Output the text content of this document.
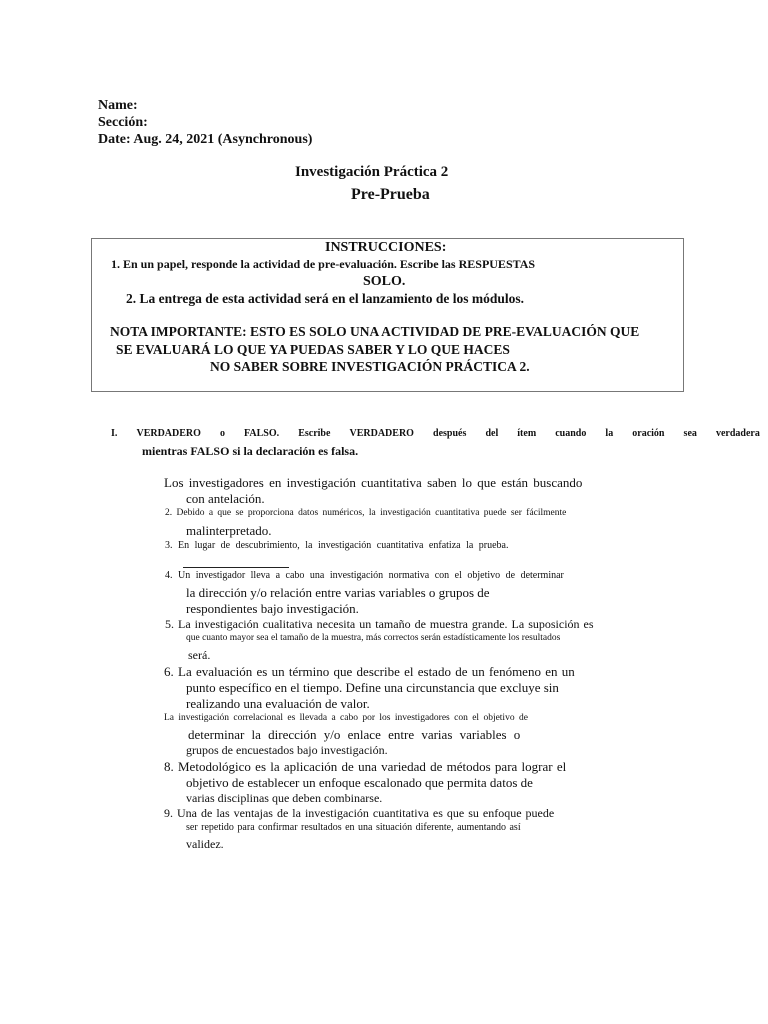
Name:
Sección:
Date: Aug. 24, 2021 (Asynchronous)
Investigación Práctica 2
Pre-Prueba
INSTRUCCIONES:
1. En un papel, responde la actividad de pre-evaluación. Escribe las RESPUESTAS
SOLO.
2. La entrega de esta actividad será en el lanzamiento de los módulos.
NOTA IMPORTANTE: ESTO ES SOLO UNA ACTIVIDAD DE PRE-EVALUACIÓN QUE
SE EVALUARÁ LO QUE YA PUEDAS SABER Y LO QUE HACES
NO SABER SOBRE INVESTIGACIÓN PRÁCTICA 2.
I. VERDADERO o FALSO. Escribe VERDADERO después del ítem cuando la oración sea verdadera
mientras FALSO si la declaración es falsa.
Los investigadores en investigación cuantitativa saben lo que están buscando
con antelación.
2. Debido a que se proporciona datos numéricos, la investigación cuantitativa puede ser fácilmente
malinterpretado.
3. En lugar de descubrimiento, la investigación cuantitativa enfatiza la prueba.
4. Un investigador lleva a cabo una investigación normativa con el objetivo de determinar
la dirección y/o relación entre varias variables o grupos de
respondientes bajo investigación.
5. La investigación cualitativa necesita un tamaño de muestra grande. La suposición es
que cuanto mayor sea el tamaño de la muestra, más correctos serán estadísticamente los resultados
será.
6. La evaluación es un término que describe el estado de un fenómeno en un
punto específico en el tiempo. Define una circunstancia que excluye sin
realizando una evaluación de valor.
La investigación correlacional es llevada a cabo por los investigadores con el objetivo de
determinar la dirección y/o enlace entre varias variables o
grupos de encuestados bajo investigación.
8. Metodológico es la aplicación de una variedad de métodos para lograr el
objetivo de establecer un enfoque escalonado que permita datos de
varias disciplinas que deben combinarse.
9. Una de las ventajas de la investigación cuantitativa es que su enfoque puede
ser repetido para confirmar resultados en una situación diferente, aumentando así
validez.
